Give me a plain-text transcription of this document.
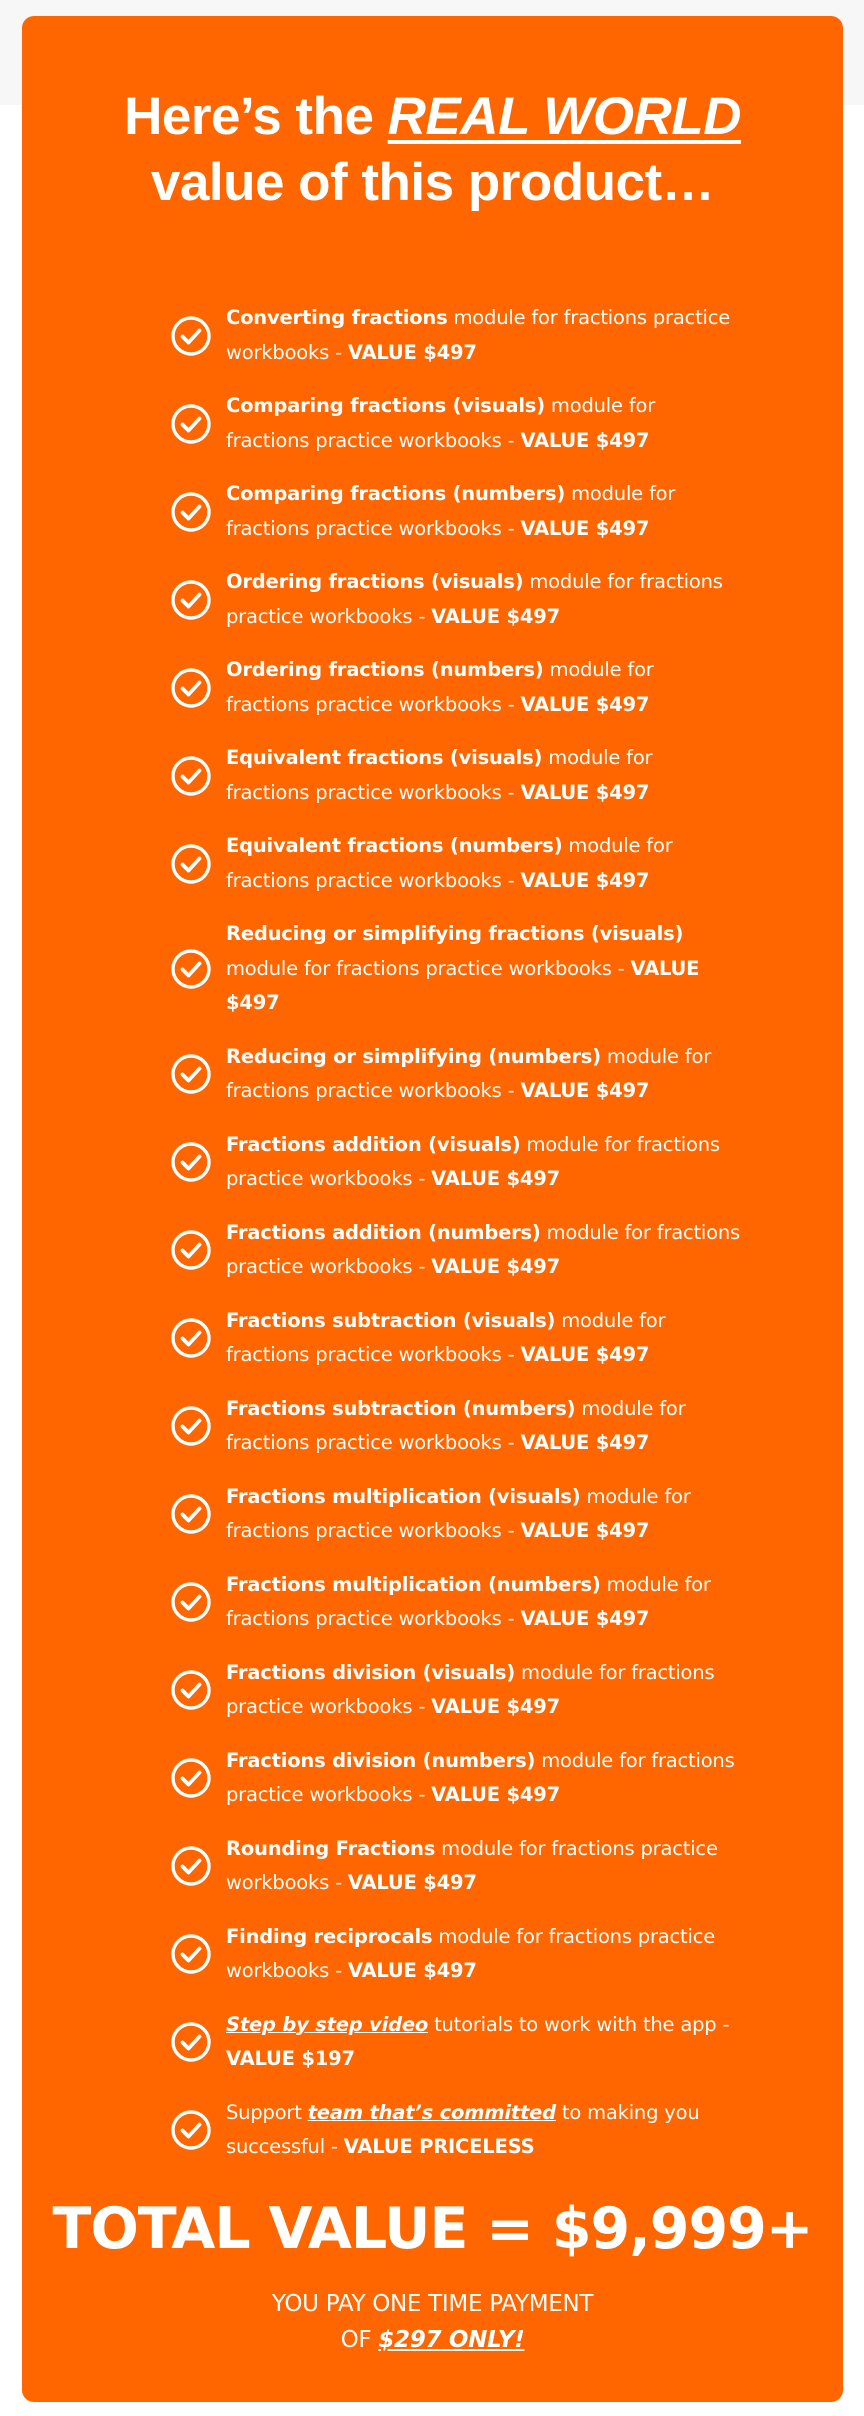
Here’s the REAL WORLD
value of this product…
Converting fractions module for fractions practice workbooks - VALUE $497
Comparing fractions (visuals) module for fractions practice workbooks - VALUE $497
Comparing fractions (numbers) module for fractions practice workbooks - VALUE $497
Ordering fractions (visuals) module for fractions practice workbooks - VALUE $497
Ordering fractions (numbers) module for fractions practice workbooks - VALUE $497
Equivalent fractions (visuals) module for fractions practice workbooks - VALUE $497
Equivalent fractions (numbers) module for fractions practice workbooks - VALUE $497
Reducing or simplifying fractions (visuals) module for fractions practice workbooks - VALUE $497
Reducing or simplifying (numbers) module for fractions practice workbooks - VALUE $497
Fractions addition (visuals) module for fractions practice workbooks - VALUE $497
Fractions addition (numbers) module for fractions practice workbooks - VALUE $497
Fractions subtraction (visuals) module for fractions practice workbooks - VALUE $497
Fractions subtraction (numbers) module for fractions practice workbooks - VALUE $497
Fractions multiplication (visuals) module for fractions practice workbooks - VALUE $497
Fractions multiplication (numbers) module for fractions practice workbooks - VALUE $497
Fractions division (visuals) module for fractions practice workbooks - VALUE $497
Fractions division (numbers) module for fractions practice workbooks - VALUE $497
Rounding Fractions module for fractions practice workbooks - VALUE $497
Finding reciprocals module for fractions practice workbooks - VALUE $497
Step by step video tutorials to work with the app - VALUE $197
Support team that’s committed to making you successful - VALUE PRICELESS
TOTAL VALUE = $9,999+
YOU PAY ONE TIME PAYMENT
OF $297 ONLY!
